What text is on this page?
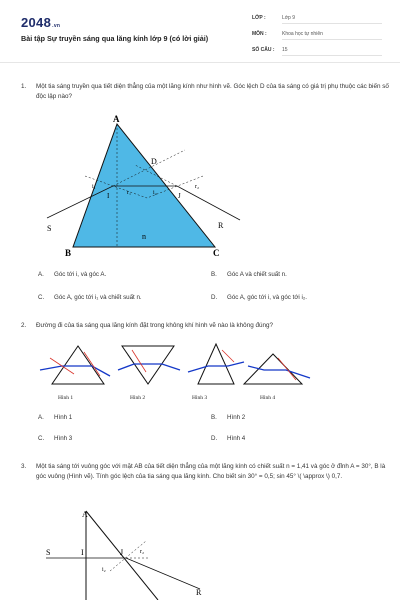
2048.vn
Bài tập Sự truyền sáng qua lăng kính lớp 9 (có lời giải)
LỚP :	Lớp 9
MÔN :	Khoa học tự nhiên
SỐ CÂU :	15
1. Một tia sáng truyền qua tiết diện thẳng của một lăng kính như hình vẽ. Góc lệch D của tia sáng có giá trị phụ thuộc các biến số độc lập nào?
A
B	C
D
I	J
S	R
n
i₁
r₁	i₂
r₂
A. Góc tới i, và góc A.	B. Góc A và chiết suất n.
C. Góc A, góc tới i₁ và chiết suất n.	D. Góc A, góc tới i, và góc tới i₂.
2. Đường đi của tia sáng qua lăng kính đặt trong không khí hình vẽ nào là không đúng?
Hình 1	Hình 2	Hình 3	Hình 4
A. Hình 1	B. Hình 2
C. Hình 3	D. Hình 4
3. Một tia sáng tới vuông góc với mặt AB của tiết diện thẳng của một lăng kính có chiết suất n = 1,41 và góc ở đỉnh A = 30°, B là góc vuông (Hình vẽ). Tính góc lệch của tia sáng qua lăng kính. Cho biết sin 30° = 0,5; sin 45° \( \approx \) 0,7.
A
S	I	J
R
i₂
r₂
